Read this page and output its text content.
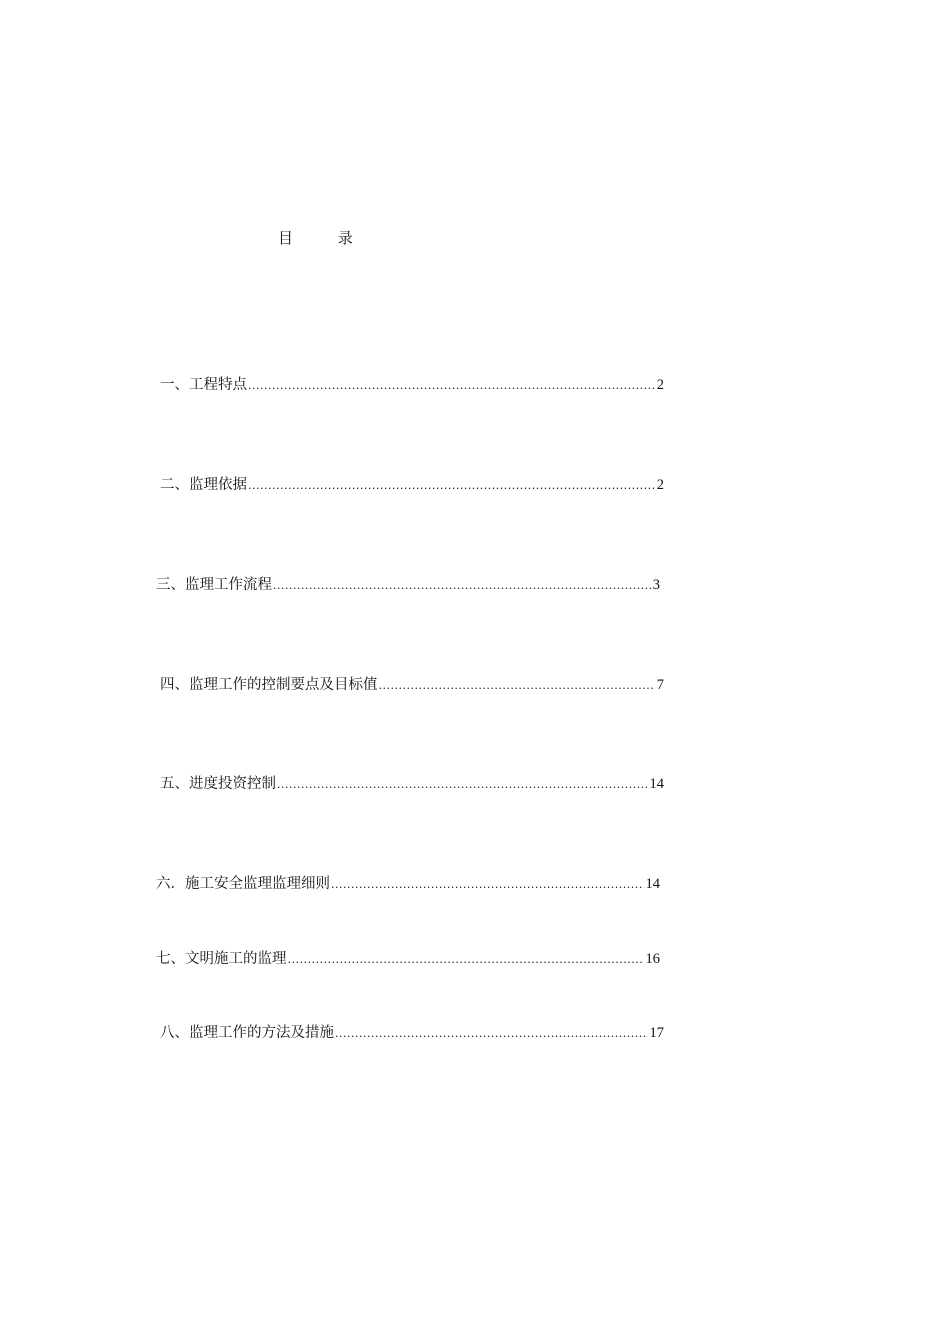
目 录
一、工程特点 .....	2
二、监理依据 .....	2
三、监理工作流程 .....	3
四、监理工作的控制要点及目标值 .....	7
五、进度投资控制 .....	14
六．施工安全监理监理细则 .....	14
七、文明施工的监理 .....	16
八、监理工作的方法及措施 .....	17
